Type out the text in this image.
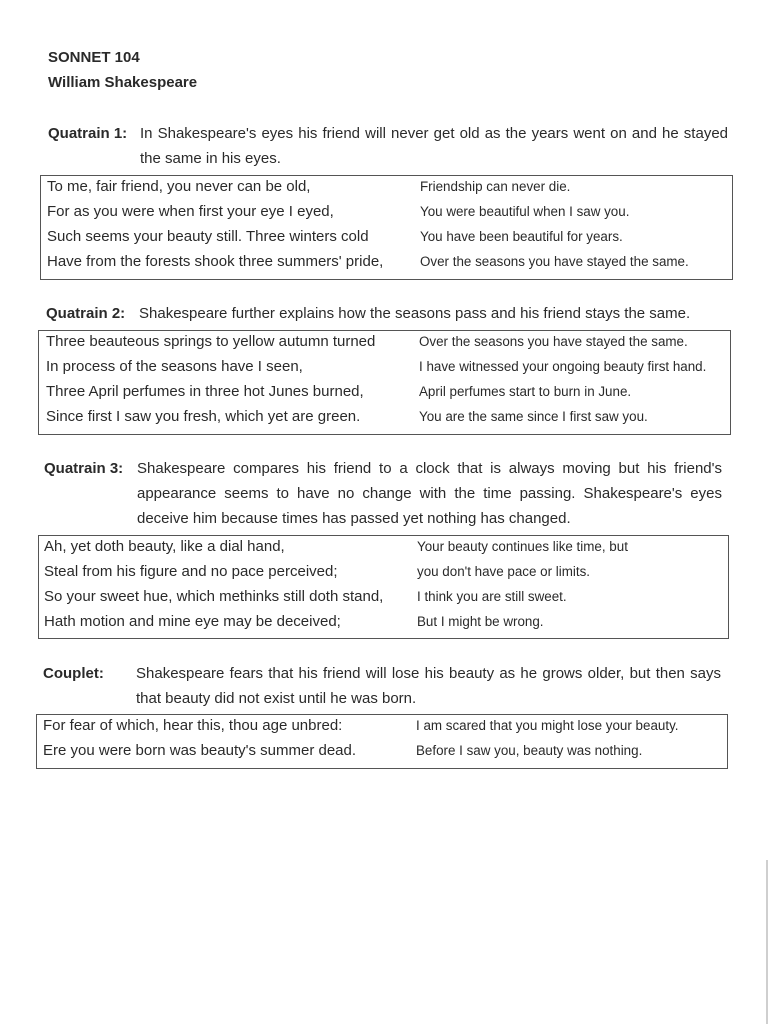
SONNET 104
William Shakespeare
Quatrain 1: In Shakespeare's eyes his friend will never get old as the years went on and he stayed the same in his eyes.
To me, fair friend, you never can be old,	Friendship can never die.
For as you were when first your eye I eyed,	You were beautiful when I saw you.
Such seems your beauty still. Three winters cold	You have been beautiful for years.
Have from the forests shook three summers' pride,	Over the seasons you have stayed the same.
Quatrain 2: Shakespeare further explains how the seasons pass and his friend stays the same.
Three beauteous springs to yellow autumn turned	Over the seasons you have stayed the same.
In process of the seasons have I seen,	I have witnessed your ongoing beauty first hand.
Three April perfumes in three hot Junes burned,	April perfumes start to burn in June.
Since first I saw you fresh, which yet are green.	You are the same since I first saw you.
Quatrain 3: Shakespeare compares his friend to a clock that is always moving but his friend's appearance seems to have no change with the time passing. Shakespeare's eyes deceive him because times has passed yet nothing has changed.
Ah, yet doth beauty, like a dial hand,	Your beauty continues like time, but
Steal from his figure and no pace perceived;	you don't have pace or limits.
So your sweet hue, which methinks still doth stand,	I think you are still sweet.
Hath motion and mine eye may be deceived;	But I might be wrong.
Couplet: Shakespeare fears that his friend will lose his beauty as he grows older, but then says that beauty did not exist until he was born.
For fear of which, hear this, thou age unbred:	I am scared that you might lose your beauty.
Ere you were born was beauty's summer dead.	Before I saw you, beauty was nothing.
